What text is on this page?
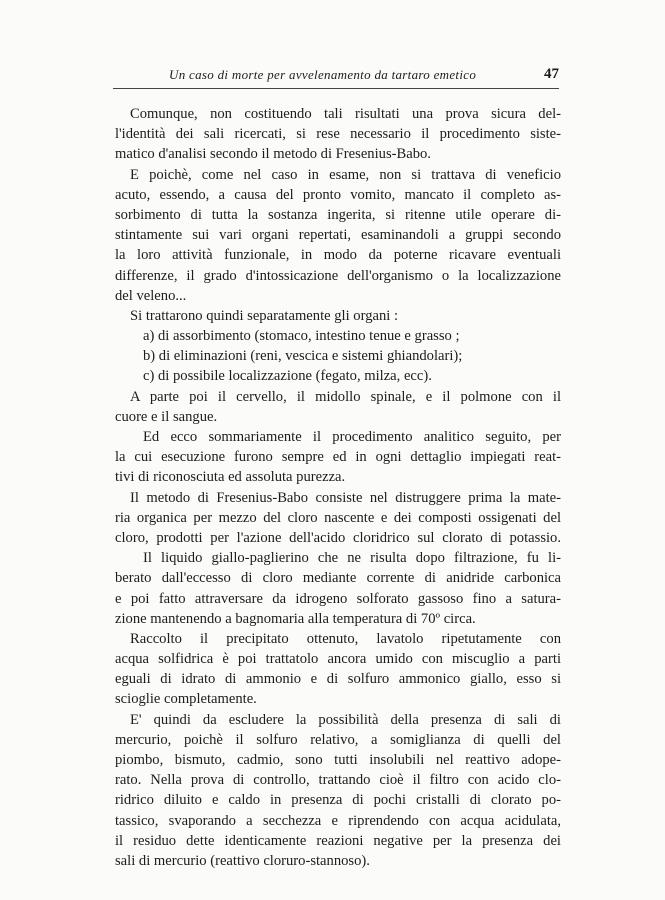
Un caso di morte per avvelenamento da tartaro emetico	47
Comunque, non costituendo tali risultati una prova sicura del-
l'identità dei sali ricercati, si rese necessario il procedimento siste-
matico d'analisi secondo il metodo di Fresenius-Babo.
E poichè, come nel caso in esame, non si trattava di veneficio
acuto, essendo, a causa del pronto vomito, mancato il completo as-
sorbimento di tutta la sostanza ingerita, si ritenne utile operare di-
stintamente sui vari organi repertati, esaminandoli a gruppi secondo
la loro attività funzionale, in modo da poterne ricavare eventuali
differenze, il grado d'intossicazione dell'organismo o la localizzazione
del veleno...
Si trattarono quindi separatamente gli organi :
a) di assorbimento (stomaco, intestino tenue e grasso ;
b) di eliminazioni (reni, vescica e sistemi ghiandolari);
c) di possibile localizzazione (fegato, milza, ecc).
A parte poi il cervello, il midollo spinale, e il polmone con il
cuore e il sangue.
Ed ecco sommariamente il procedimento analitico seguito, per
la cui esecuzione furono sempre ed in ogni dettaglio impiegati reat-
tivi di riconosciuta ed assoluta purezza.
Il metodo di Fresenius-Babo consiste nel distruggere prima la mate-
ria organica per mezzo del cloro nascente e dei composti ossigenati del
cloro, prodotti per l'azione dell'acido cloridrico sul clorato di potassio.
Il liquido giallo-paglierino che ne risulta dopo filtrazione, fu li-
berato dall'eccesso di cloro mediante corrente di anidride carbonica
e poi fatto attraversare da idrogeno solforato gassoso fino a satura-
zione mantenendo a bagnomaria alla temperatura di 70º circa.
Raccolto il precipitato ottenuto, lavatolo ripetutamente con
acqua solfidrica è poi trattatolo ancora umido con miscuglio a parti
eguali di idrato di ammonio e di solfuro ammonico giallo, esso si
scioglie completamente.
E' quindi da escludere la possibilità della presenza di sali di
mercurio, poichè il solfuro relativo, a somiglianza di quelli del
piombo, bismuto, cadmio, sono tutti insolubili nel reattivo adope-
rato. Nella prova di controllo, trattando cioè il filtro con acido clo-
ridrico diluito e caldo in presenza di pochi cristalli di clorato po-
tassico, svaporando a secchezza e riprendendo con acqua acidulata,
il residuo dette identicamente reazioni negative per la presenza dei
sali di mercurio (reattivo cloruro-stannoso).
